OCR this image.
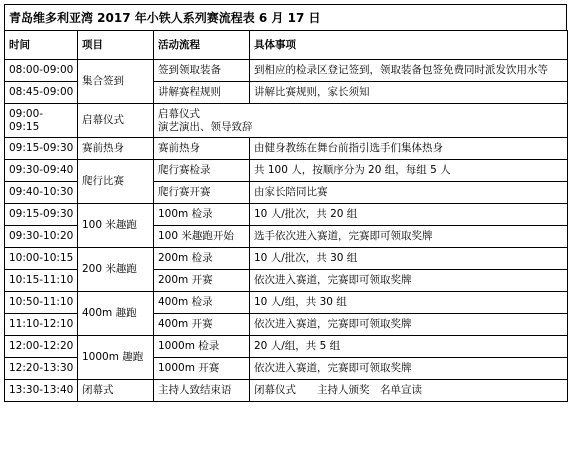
青岛维多利亚湾 2017 年小铁人系列赛流程表 6 月 17 日
时间	项目	活动流程	具体事项
08:00-09:00	集合签到	签到领取装备	到相应的检录区登记签到，领取装备包签免费同时派发饮用水等
08:45-09:00		讲解赛程规则	讲解比赛规则，家长须知
09:00-09:15	启幕仪式	启幕仪式
演艺演出、领导致辞	

09:15-09:30	赛前热身	赛前热身	由健身教练在舞台前指引选手们集体热身
09:30-09:40	爬行比赛	爬行赛检录	共 100 人，按顺序分为 20 组，每组 5 人
09:40-10:30		爬行赛开赛	由家长陪同比赛
09:15-09:30	100 米趣跑	100m 检录	10 人/批次，共 20 组
09:30-10:20		100 米趣跑开始	选手依次进入赛道，完赛即可领取奖牌
10:00-10:15	200 米趣跑	200m 检录	10 人/批次，共 30 组
10:15-11:10		200m 开赛	依次进入赛道，完赛即可领取奖牌
10:50-11:10	400m 趣跑	400m 检录	10 人/组，共 30 组
11:10-12:10		400m 开赛	依次进入赛道，完赛即可领取奖牌
12:00-12:20	1000m 趣跑	1000m 检录	20 人/组，共 5 组
12:20-13:30		1000m 开赛	依次进入赛道，完赛即可领取奖牌
13:30-13:40	闭幕式	主持人致结束语	闭幕仪式　　主持人颁奖　名单宣读
